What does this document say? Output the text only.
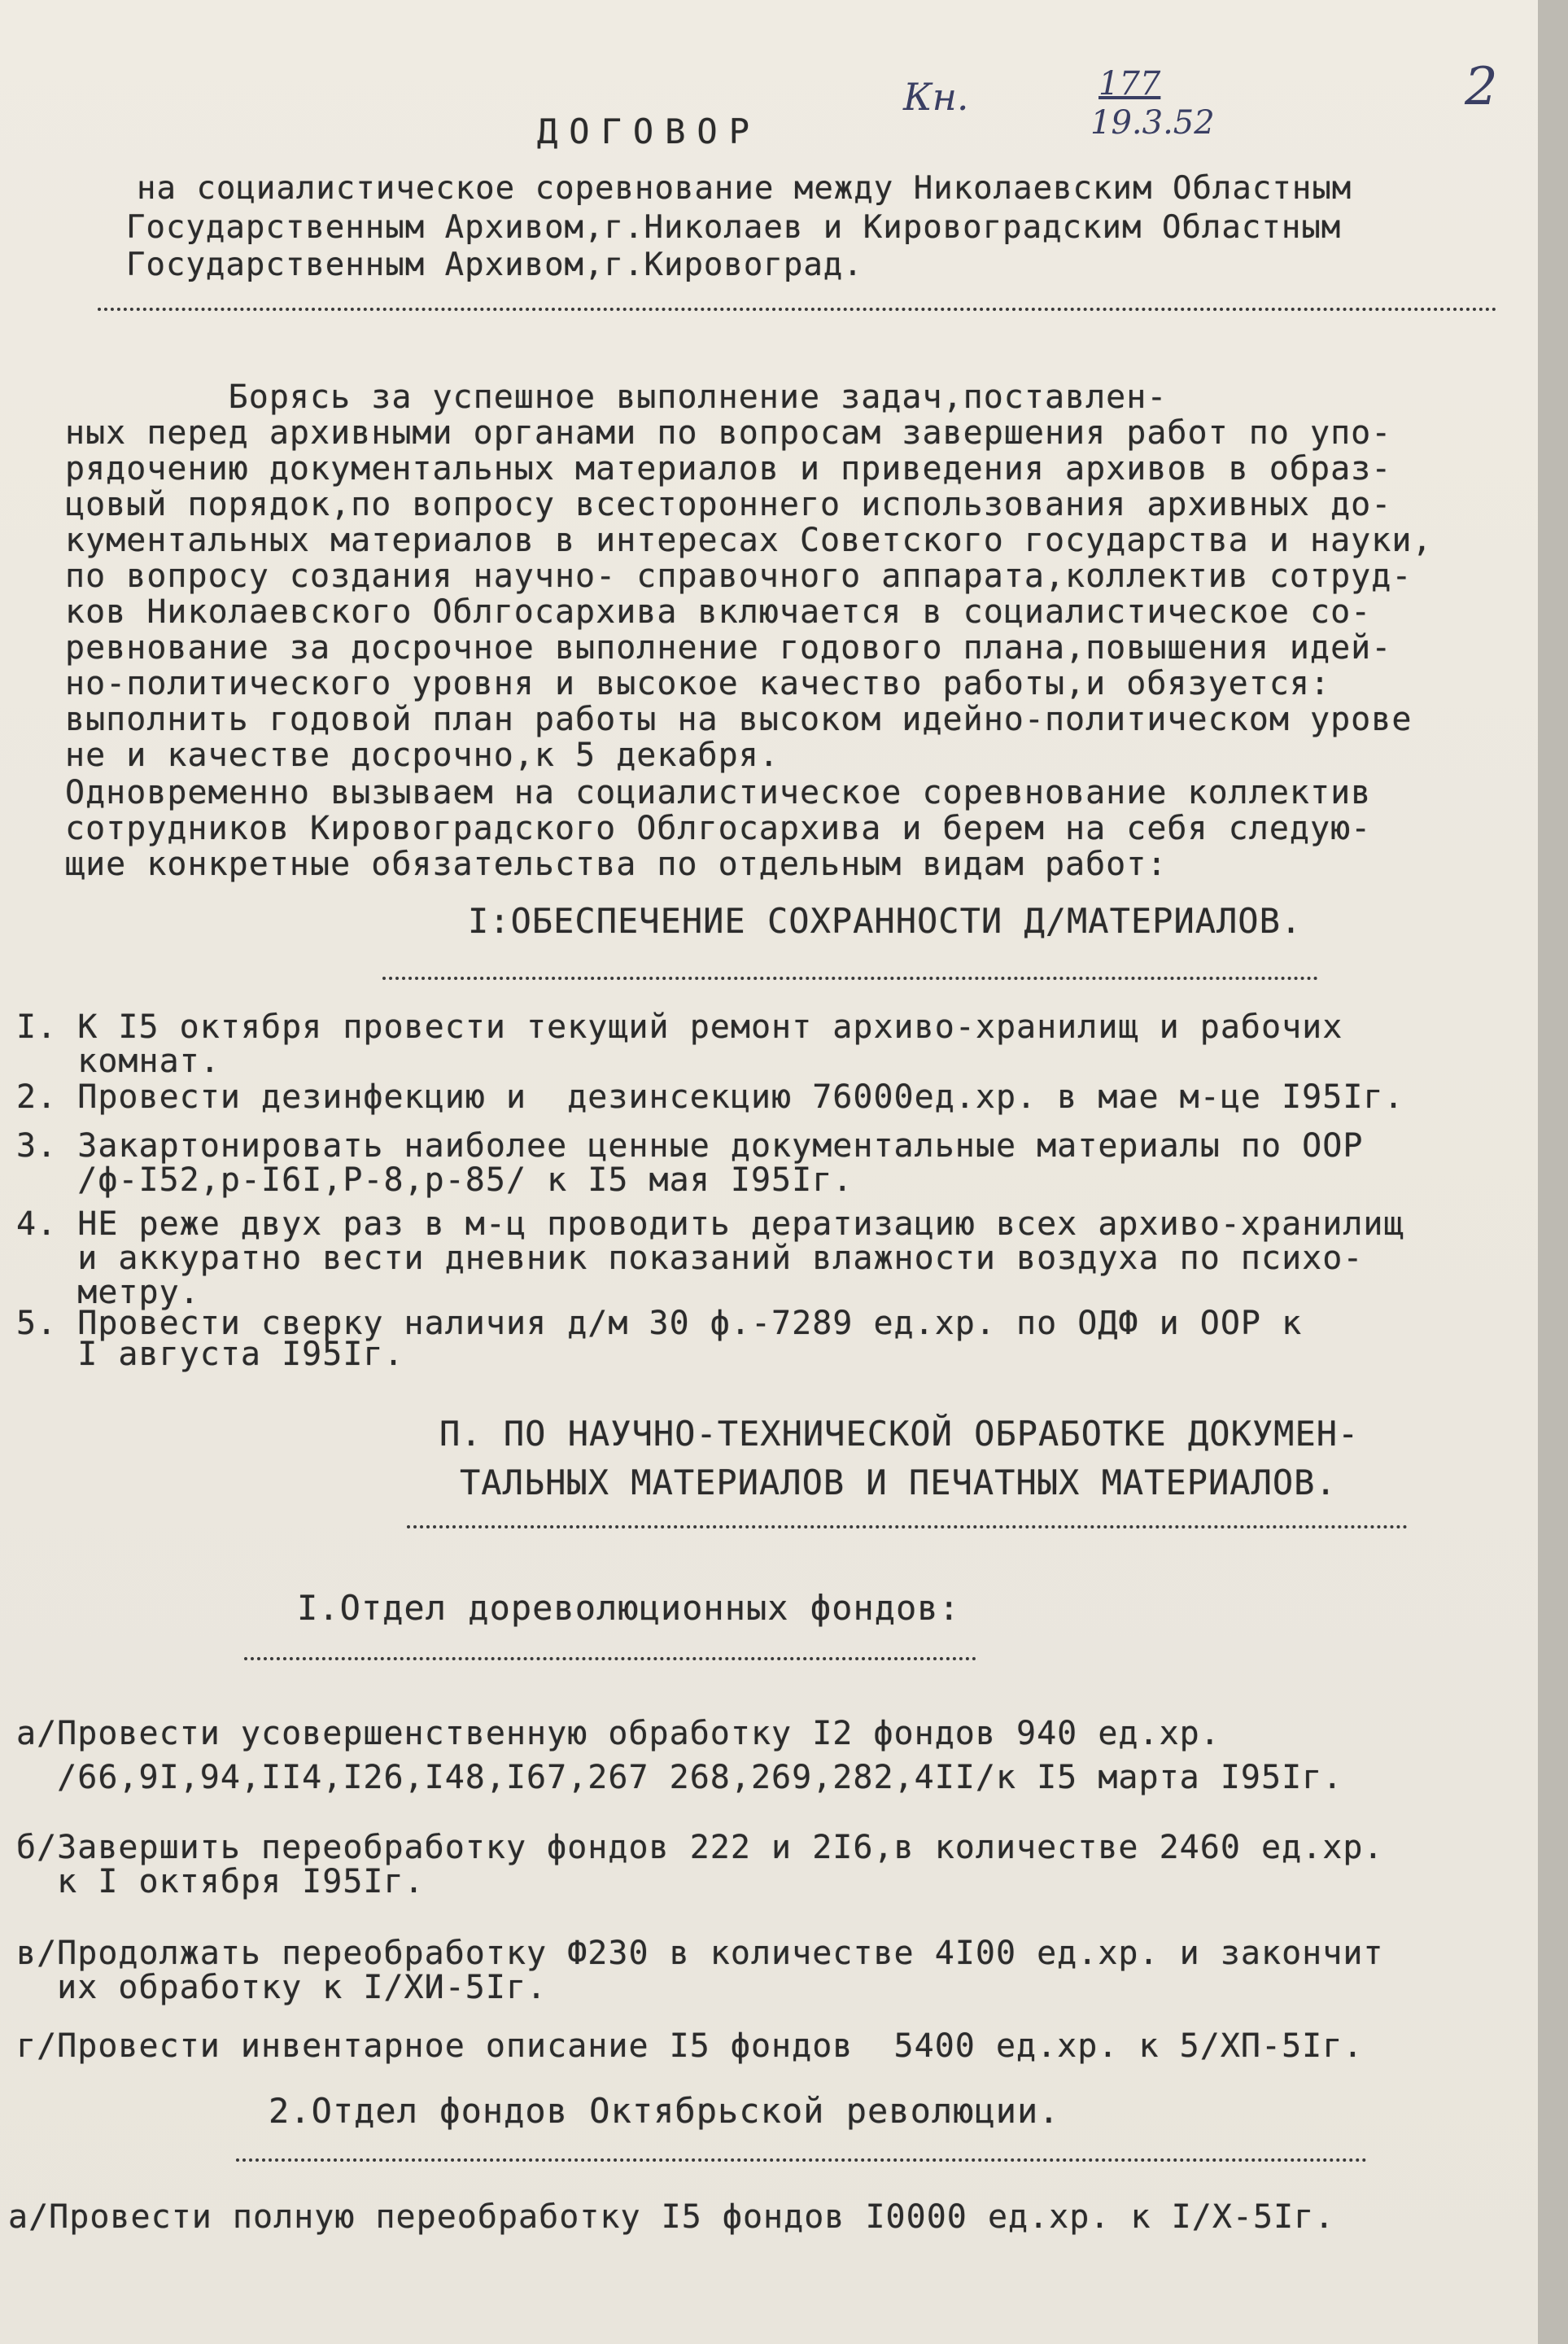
Кн.	177
19.3.52
2
ДОГОВОР
на социалистическое соревнование между Николаевским Областным
Государственным Архивом,г.Николаев и Кировоградским Областным
Государственным Архивом,г.Кировоград.
Борясь за успешное выполнение задач,поставлен-
ных перед архивными органами по вопросам завершения работ по упо-
рядочению документальных материалов и приведения архивов в образ-
цовый порядок,по вопросу всестороннего использования архивных до-
кументальных материалов в интересах Советского государства и науки,
по вопросу создания научно- справочного аппарата,коллектив сотруд-
ков Николаевского Облгосархива включается в социалистическое со-
ревнование за досрочное выполнение годового плана,повышения идей-
но-политического уровня и высокое качество работы,и обязуется:
выполнить годовой план работы на высоком идейно-политическом урове
не и качестве досрочно,к 5 декабря.
Одновременно вызываем на социалистическое соревнование коллектив
сотрудников Кировоградского Облгосархива и берем на себя следую-
щие конкретные обязательства по отдельным видам работ:
I:ОБЕСПЕЧЕНИЕ СОХРАННОСТИ Д/МАТЕРИАЛОВ.
I. К I5 октября провести текущий ремонт архиво-хранилищ и рабочих
комнат.
2. Провести дезинфекцию и  дезинсекцию 76000ед.хр. в мае м-це I95Iг.
3. Закартонировать наиболее ценные документальные материалы по ООР
/ф-I52,р-I6I,Р-8,р-85/ к I5 мая I95Iг.
4. НЕ реже двух раз в м-ц проводить дератизацию всех архиво-хранилищ
и аккуратно вести дневник показаний влажности воздуха по психо-
метру.
5. Провести сверку наличия д/м 30 ф.-7289 ед.хр. по ОДФ и ООР к
I августа I95Iг.
П. ПО НАУЧНО-ТЕХНИЧЕСКОЙ ОБРАБОТКЕ ДОКУМЕН-
ТАЛЬНЫХ МАТЕРИАЛОВ И ПЕЧАТНЫХ МАТЕРИАЛОВ.
I.Отдел дореволюционных фондов:
а/Провести усовершенственную обработку I2 фондов 940 ед.хр.
/66,9I,94,II4,I26,I48,I67,267 268,269,282,4II/к I5 марта I95Iг.
б/Завершить переобработку фондов 222 и 2I6,в количестве 2460 ед.хр.
к I октября I95Iг.
в/Продолжать переобработку Ф230 в количестве 4I00 ед.хр. и закончит
их обработку к I/ХИ-5Iг.
г/Провести инвентарное описание I5 фондов  5400 ед.хр. к 5/ХП-5Iг.
2.Отдел фондов Октябрьской революции.
а/Провести полную переобработку I5 фондов I0000 ед.хр. к I/Х-5Iг.
